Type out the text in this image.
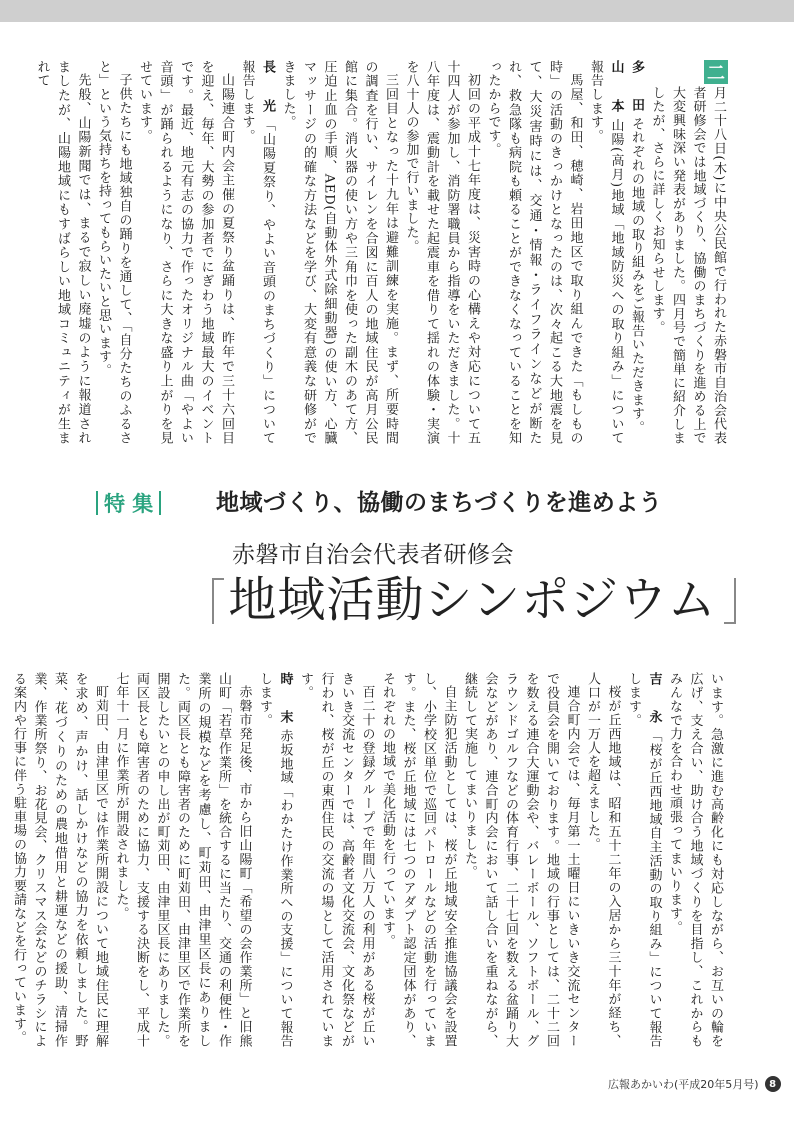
二

月二十八日(木)に中央公民館で行われた赤磐市自治会代表者研修会では地域づくり、協働のまちづくりを進める上で大変興味深い発表がありました。四月号で簡単に紹介しましたが、さらに詳しくお知らせします。

多　田それぞれの地域の取り組みをご報告いただきます。

山　本山陽(高月)地域「地域防災への取り組み」について報告します。

馬屋、和田、穂崎、岩田地区で取り組んできた「もしもの時」の活動のきっかけとなったのは、次々起こる大地震を見て、大災害時には、交通・情報・ライフラインなどが断たれ、救急隊も病院も頼ることができなくなっていることを知ったからです。

初回の平成十七年度は、災害時の心構えや対応について五十四人が参加し、消防署職員から指導をいただきました。十八年度は、震動計を載せた起震車を借りて揺れの体験・実演を八十人の参加で行いました。

三回目となった十九年は避難訓練を実施。まず、所要時間の調査を行い、サイレンを合図に百人の地域住民が高月公民館に集合。消火器の使い方や三角巾を使った副木のあて方、圧迫止血の手順、AED(自動体外式除細動器)の使い方、心臓マッサージの的確な方法などを学び、大変有意義な研修ができました。

長　光「山陽夏祭り、やよい音頭のまちづくり」について報告します。

山陽連合町内会主催の夏祭り盆踊りは、昨年で三十六回目を迎え、毎年、大勢の参加者でにぎわう地域最大のイベントです。最近、地元有志の協力で作ったオリジナル曲「やよい音頭」が踊られるようになり、さらに大きな盛り上がりを見せています。

子供たちにも地域独自の踊りを通して、「自分たちのふるさと」という気持ちを持ってもらいたいと思います。

先般、山陽新聞では、まるで寂しい廃墟のように報道されましたが、山陽地域にもすばらしい地域コミュニティが生まれて

特 集	地域づくり、協働のまちづくりを進めよう
赤磐市自治会代表者研修会
地域活動シンポジウム

います。急激に進む高齢化にも対応しながら、お互いの輪を広げ、支え合い、助け合う地域づくりを目指し、これからもみんなで力を合わせ頑張ってまいります。

吉　永「桜が丘西地域自主活動の取り組み」について報告します。

桜が丘西地域は、昭和五十二年の入居から三十年が経ち、人口が一万人を超えました。

連合町内会では、毎月第一土曜日にいきいき交流センターで役員会を開いております。地域の行事としては、二十二回を数える連合大運動会や、バレーボール、ソフトボール、グラウンドゴルフなどの体育行事、二十七回を数える盆踊り大会などがあり、連合町内会において話し合いを重ねながら、継続して実施してまいりました。

自主防犯活動としては、桜が丘地域安全推進協議会を設置し、小学校区単位で巡回パトロールなどの活動を行っています。また、桜が丘地域には七つのアダプト認定団体があり、それぞれの地域で美化活動を行っています。

百二十の登録グループで年間八万人の利用がある桜が丘いきいき交流センターでは、高齢者文化交流会、文化祭などが行われ、桜が丘の東西住民の交流の場として活用されています。

時　末赤坂地域「わかたけ作業所への支援」について報告します。

赤磐市発足後、市から旧山陽町「希望の会作業所」と旧熊山町「若草作業所」を統合するに当たり、交通の利便性・作業所の規模などを考慮し、町苅田、由津里区長にありました。両区長とも障害者のために町苅田、由津里区で作業所を開設したいとの申し出が町苅田、由津里区長にありました。両区長とも障害者のために協力、支援する決断をし、平成十七年十一月に作業所が開設されました。

町苅田、由津里区では作業所開設について地域住民に理解を求め、声かけ、話しかけなどの協力を依頼しました。野菜、花づくりのための農地借用と耕運などの援助、清掃作業、作業所祭り、お花見会、クリスマス会などのチラシによる案内や行事に伴う駐車場の協力要請などを行っています。

広報あかいわ(平成20年5月号)	8
